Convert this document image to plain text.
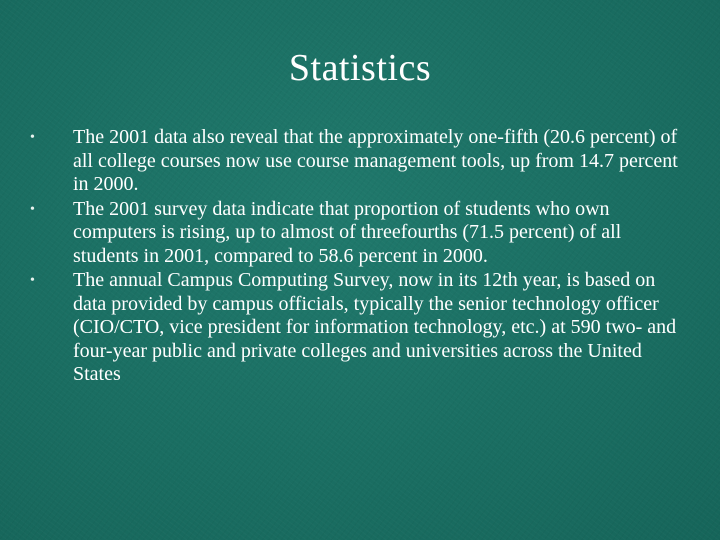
Statistics
•	The 2001 data also reveal that the approximately one-fifth (20.6 percent) of all college courses now use course management tools, up from 14.7 percent in 2000.
•	The 2001 survey data indicate that proportion of students who own computers is rising, up to almost of threefourths (71.5 percent) of all students in 2001, compared to 58.6 percent in 2000.
•	The annual Campus Computing Survey, now in its 12th year, is based on data provided by campus officials, typically the senior technology officer (CIO/CTO, vice president for information technology, etc.) at 590 two- and four-year public and private colleges and universities across the United States
